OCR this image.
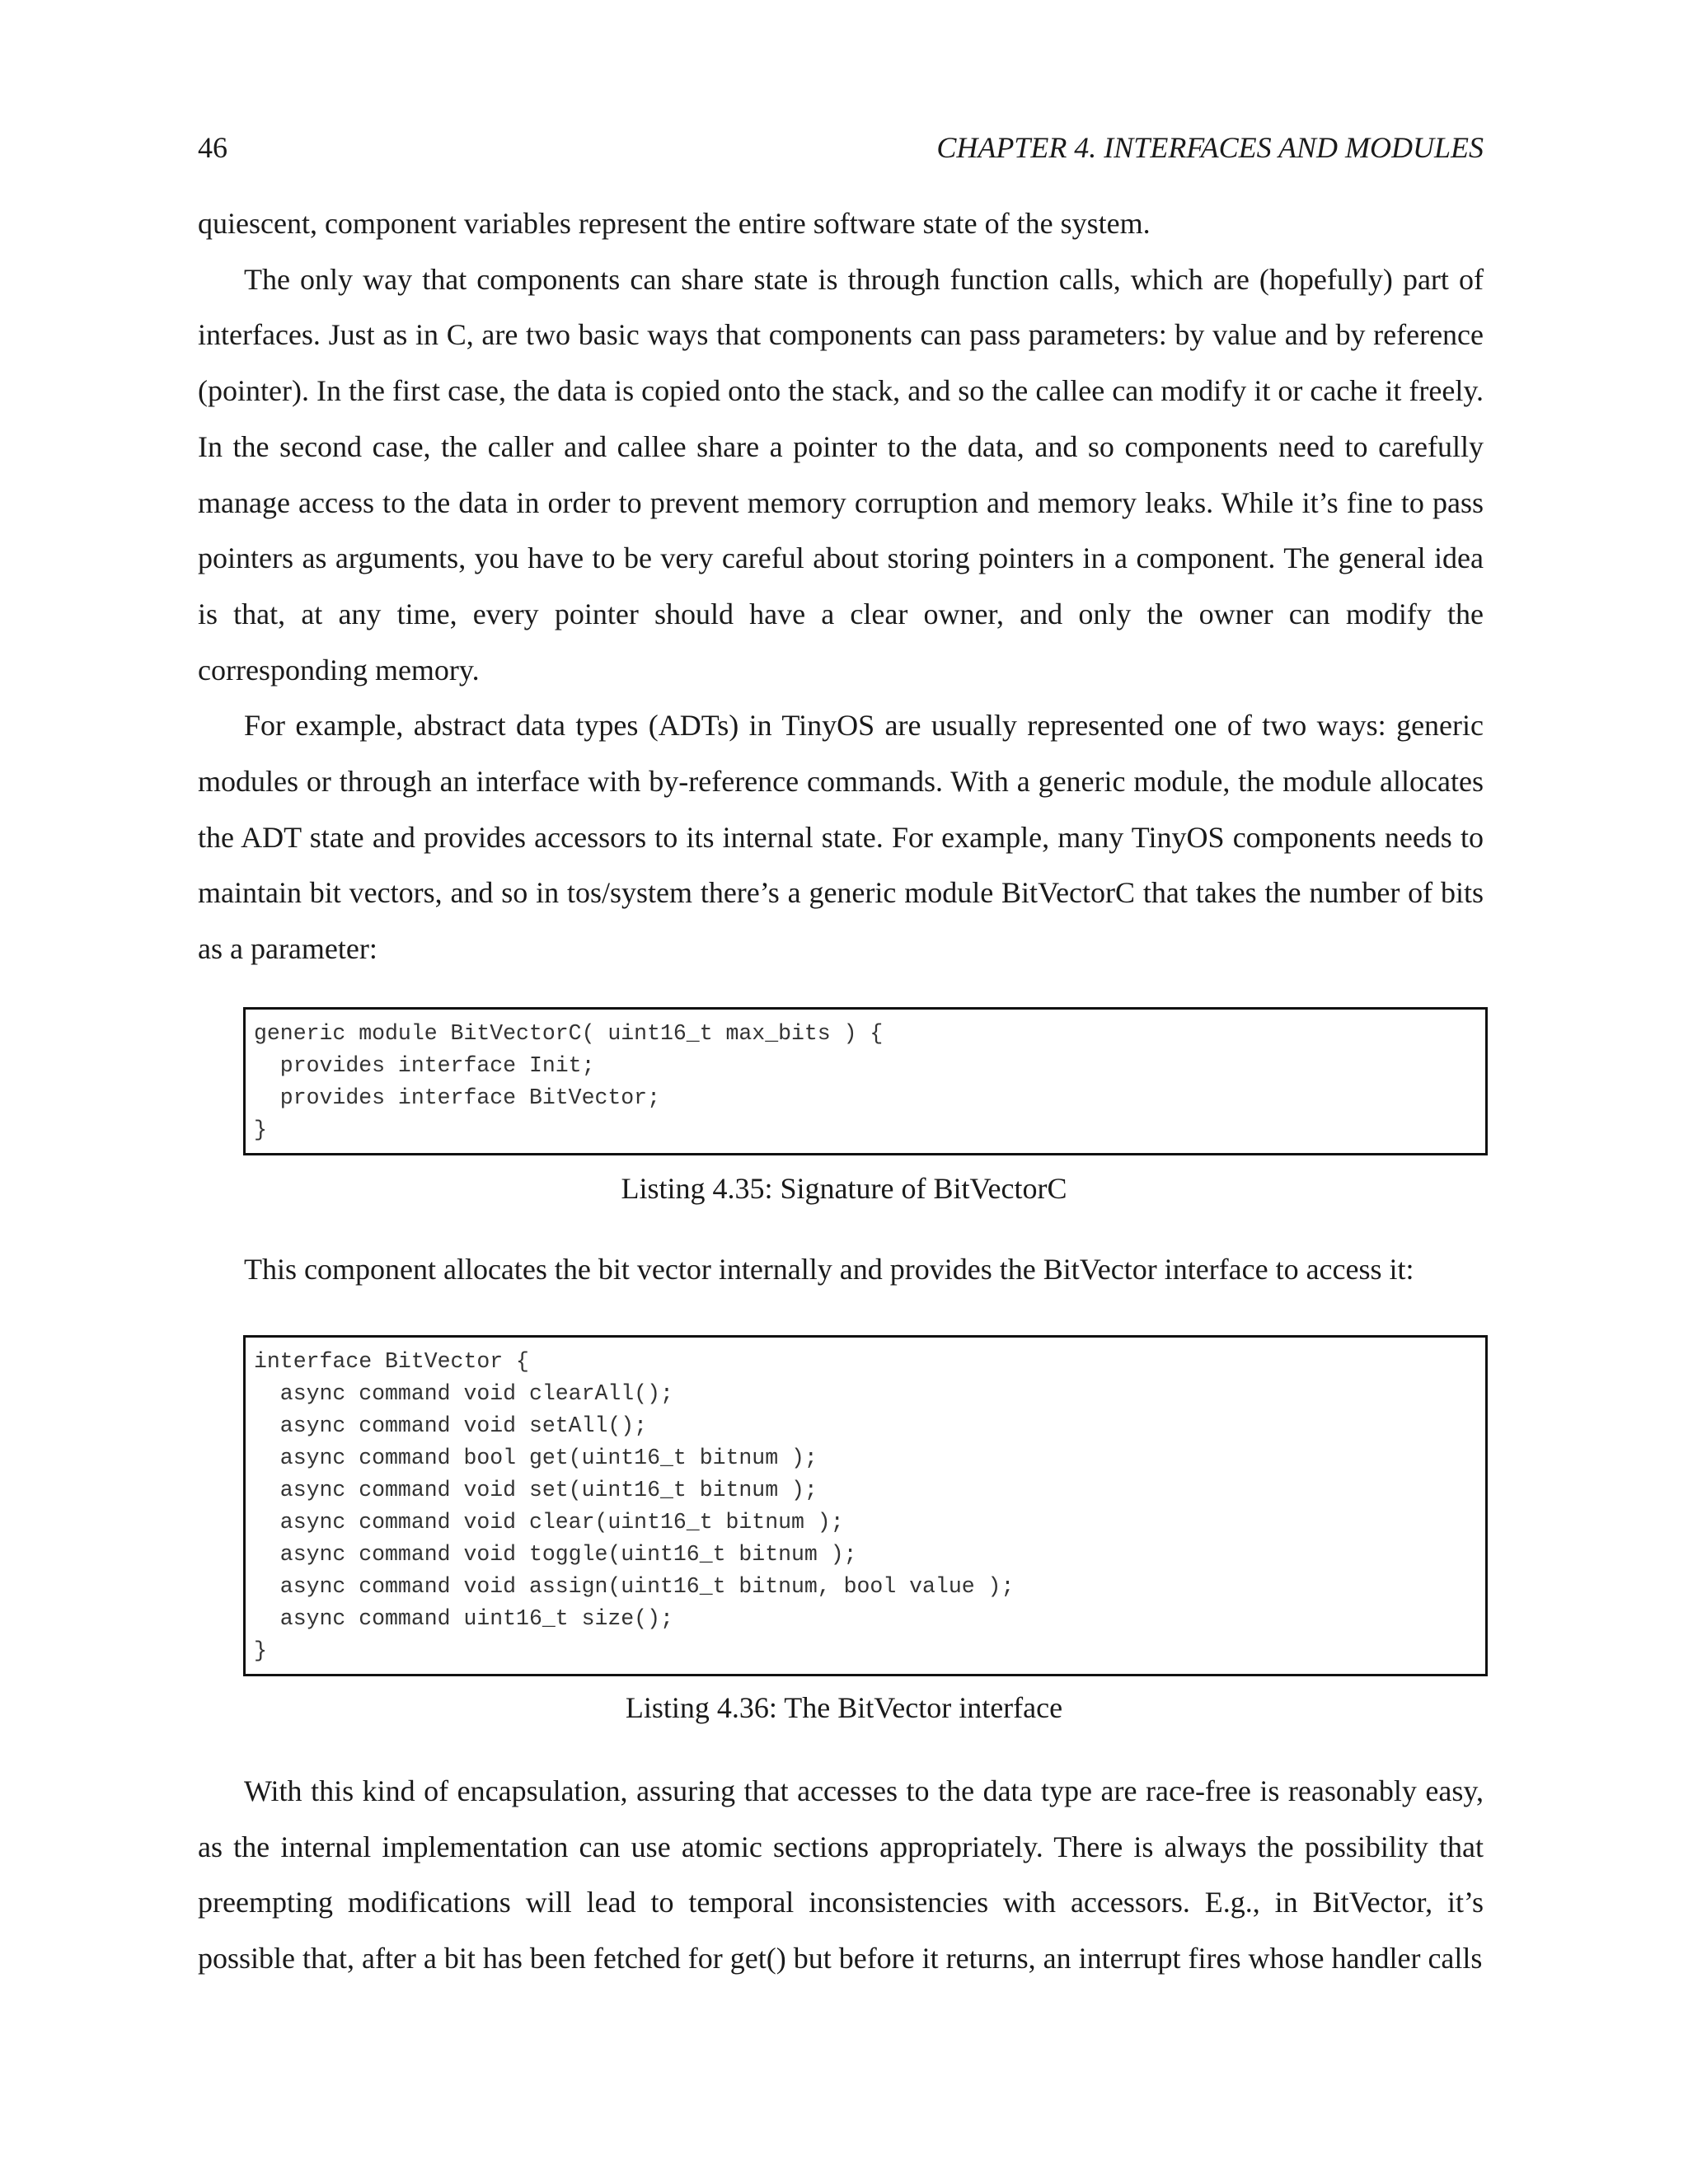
46	CHAPTER 4. INTERFACES AND MODULES

quiescent, component variables represent the entire software state of the system.

The only way that components can share state is through function calls, which are (hopefully) part of interfaces. Just as in C, are two basic ways that components can pass parameters: by value and by reference (pointer). In the first case, the data is copied onto the stack, and so the callee can modify it or cache it freely. In the second case, the caller and callee share a pointer to the data, and so components need to carefully manage access to the data in order to prevent memory corruption and memory leaks. While it’s fine to pass pointers as arguments, you have to be very careful about storing pointers in a component. The general idea is that, at any time, every pointer should have a clear owner, and only the owner can modify the corresponding memory.

For example, abstract data types (ADTs) in TinyOS are usually represented one of two ways: generic modules or through an interface with by-reference commands. With a generic module, the module allocates the ADT state and provides accessors to its internal state. For example, many TinyOS components needs to maintain bit vectors, and so in tos/system there’s a generic module BitVectorC that takes the number of bits as a parameter:

generic module BitVectorC( uint16_t max_bits ) {
provides interface Init;
provides interface BitVector;
}
Listing 4.35: Signature of BitVectorC

This component allocates the bit vector internally and provides the BitVector interface to access it:

interface BitVector {
async command void clearAll();
async command void setAll();
async command bool get(uint16_t bitnum );
async command void set(uint16_t bitnum );
async command void clear(uint16_t bitnum );
async command void toggle(uint16_t bitnum );
async command void assign(uint16_t bitnum, bool value );
async command uint16_t size();
}
Listing 4.36: The BitVector interface

With this kind of encapsulation, assuring that accesses to the data type are race-free is reasonably easy, as the internal implementation can use atomic sections appropriately. There is always the possibility that preempting modifications will lead to temporal inconsistencies with accessors. E.g., in BitVector, it’s possible that, after a bit has been fetched for get() but before it returns, an interrupt fires whose handler calls
